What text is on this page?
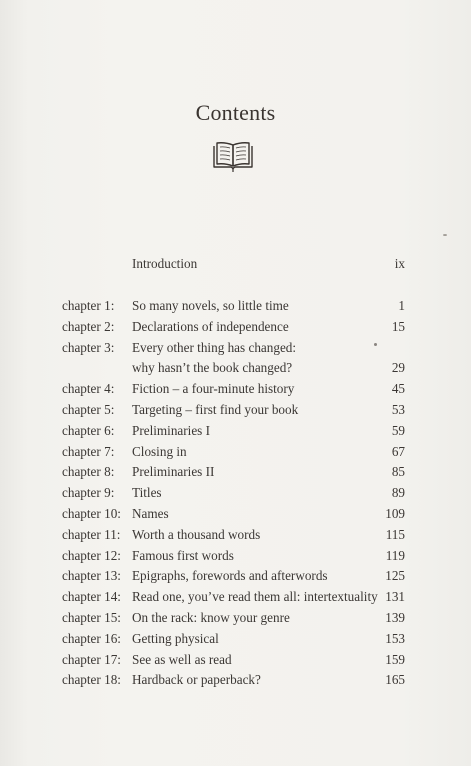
Contents
Introduction	ix
chapter 1: So many novels, so little time	1
chapter 2: Declarations of independence	15
chapter 3: Every other thing has changed:
why hasn’t the book changed?	29
chapter 4: Fiction – a four-minute history	45
chapter 5: Targeting – first find your book	53
chapter 6: Preliminaries I	59
chapter 7: Closing in	67
chapter 8: Preliminaries II	85
chapter 9: Titles	89
chapter 10: Names	109
chapter 11: Worth a thousand words	115
chapter 12: Famous first words	119
chapter 13: Epigraphs, forewords and afterwords	125
chapter 14: Read one, you’ve read them all: intertextuality 131
chapter 15: On the rack: know your genre	139
chapter 16: Getting physical	153
chapter 17: See as well as read	159
chapter 18: Hardback or paperback?	165
